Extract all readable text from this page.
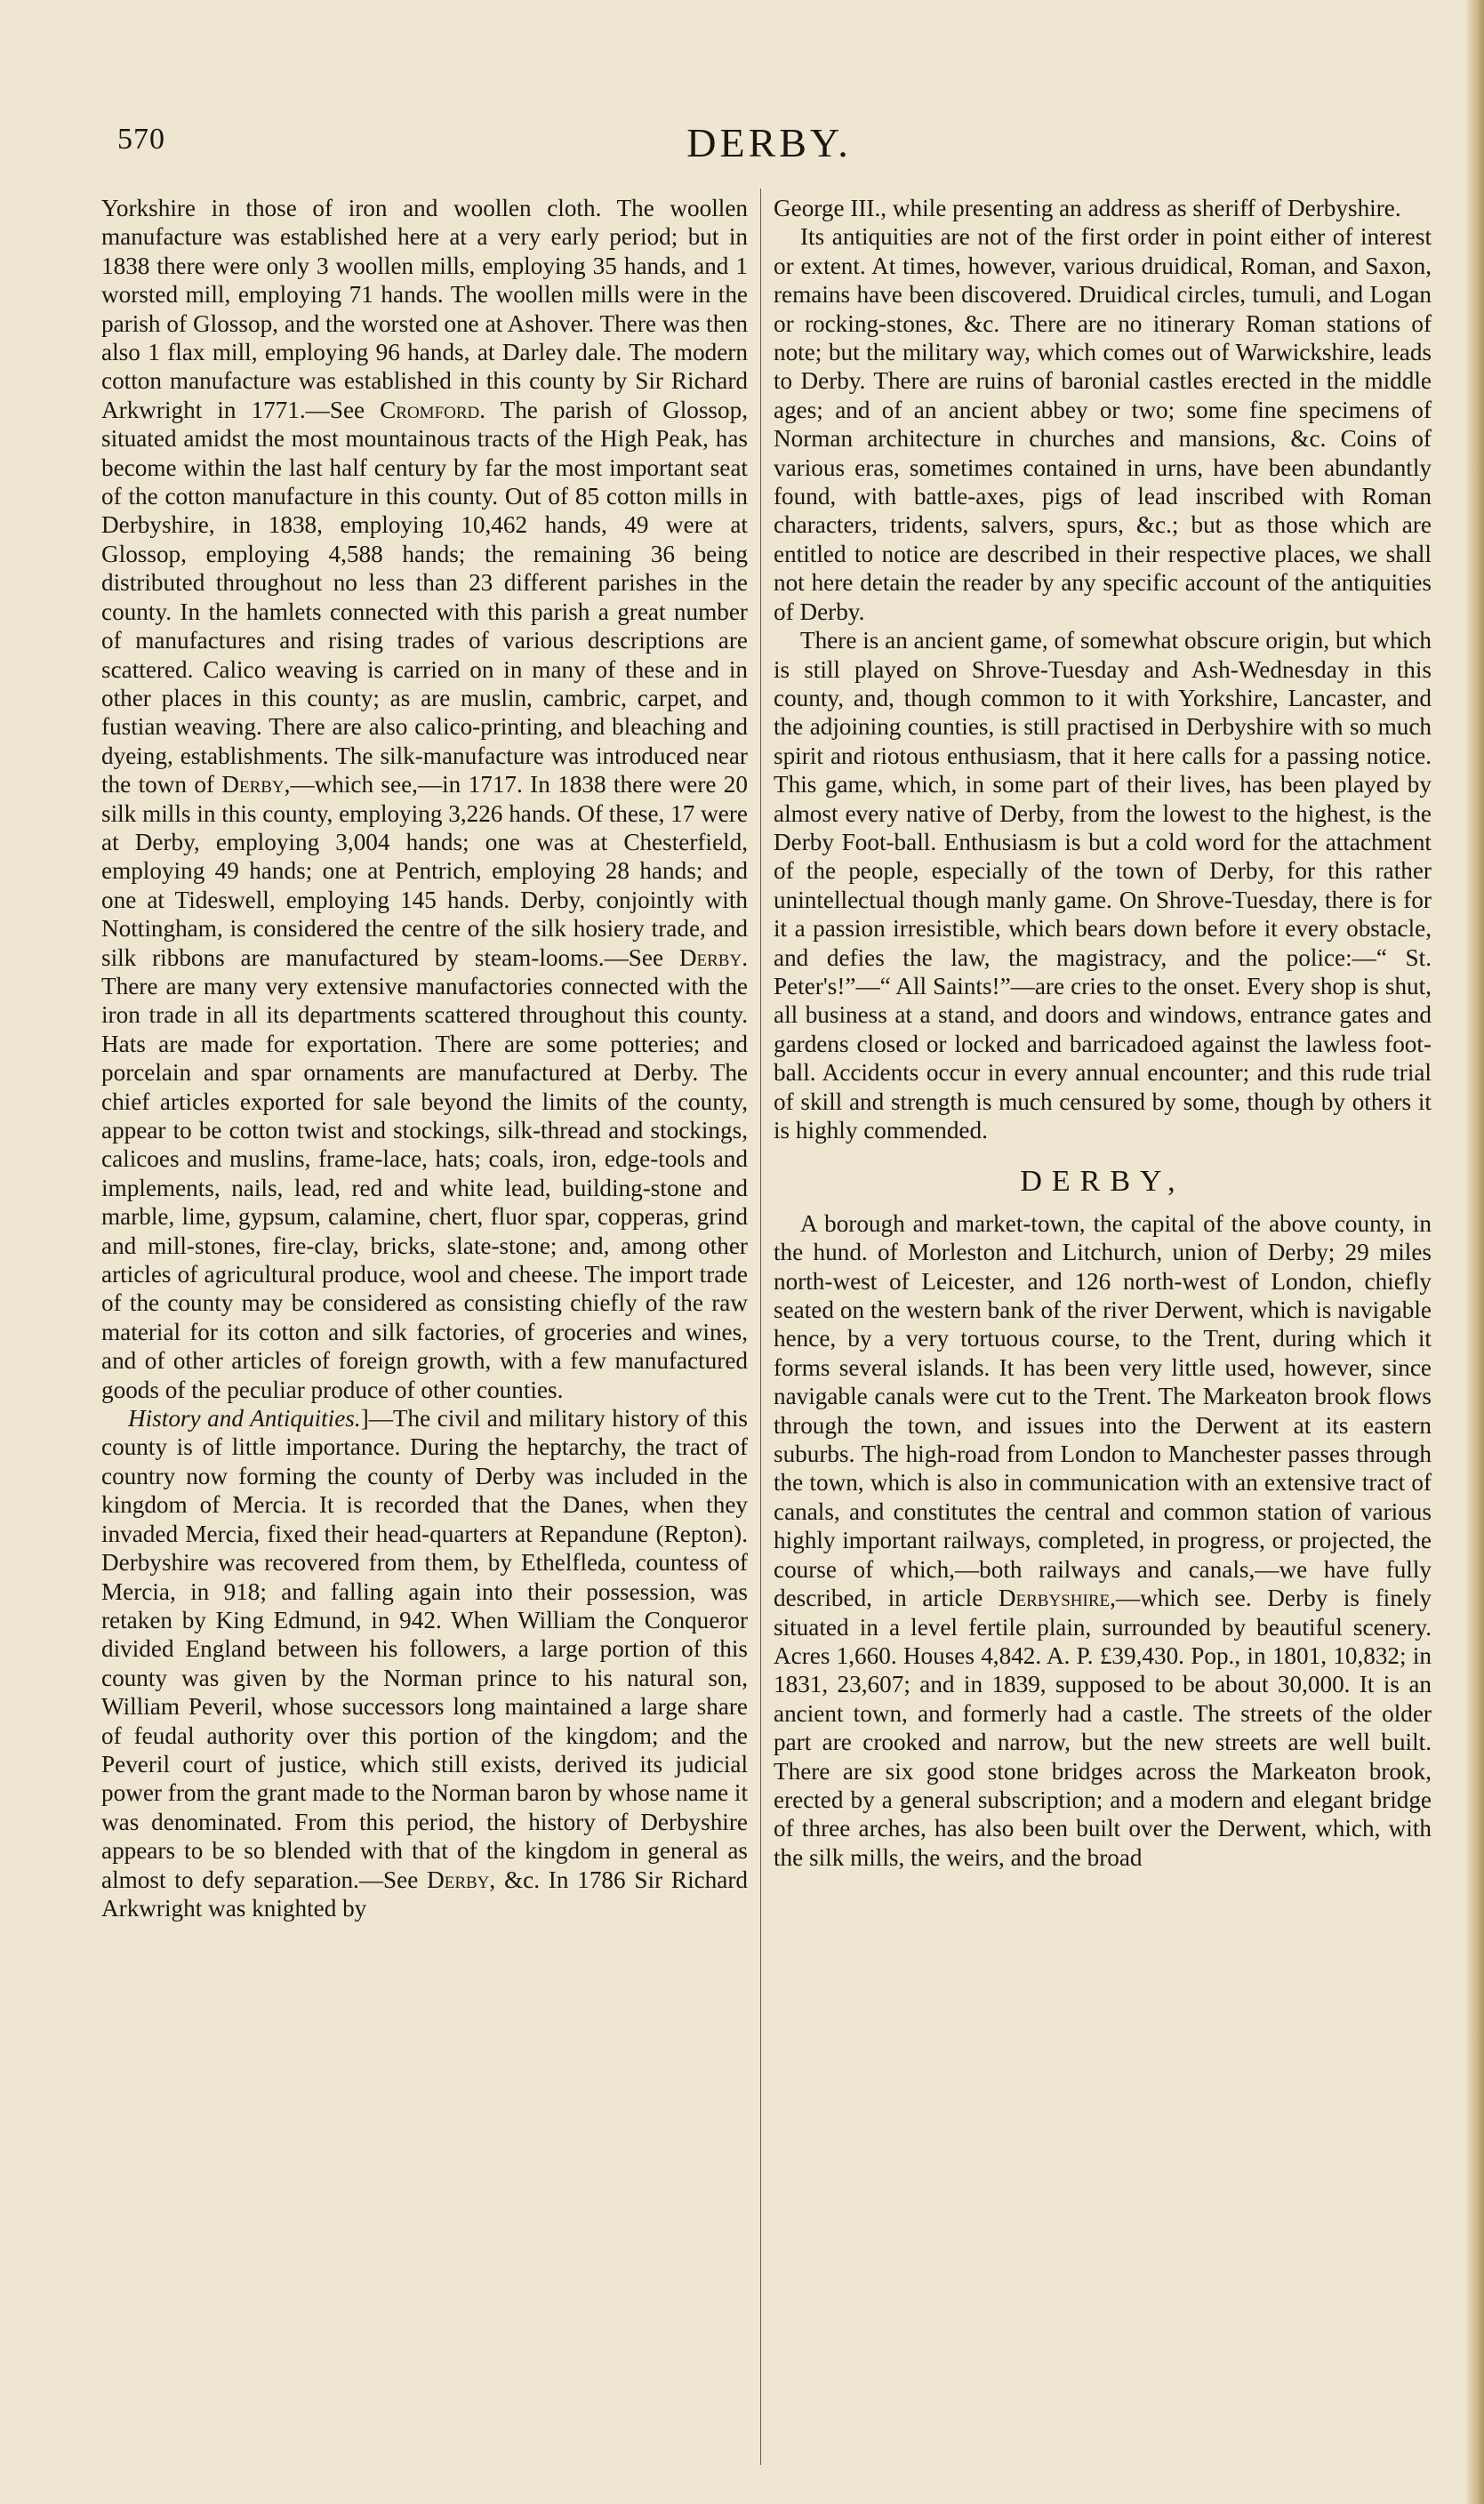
570	DERBY.

Yorkshire in those of iron and woollen cloth. The woollen manufacture was established here at a very early period; but in 1838 there were only 3 woollen mills, employing 35 hands, and 1 worsted mill, employing 71 hands. The woollen mills were in the parish of Glossop, and the worsted one at Ashover. There was then also 1 flax mill, employing 96 hands, at Darley dale. The modern cotton manufacture was established in this county by Sir Richard Arkwright in 1771.—See Cromford. The parish of Glossop, situated amidst the most mountainous tracts of the High Peak, has become within the last half century by far the most important seat of the cotton manufacture in this county. Out of 85 cotton mills in Derbyshire, in 1838, employing 10,462 hands, 49 were at Glossop, employing 4,588 hands; the remaining 36 being distributed throughout no less than 23 different parishes in the county. In the hamlets connected with this parish a great number of manufactures and rising trades of various descriptions are scattered. Calico weaving is carried on in many of these and in other places in this county; as are muslin, cambric, carpet, and fustian weaving. There are also calico-printing, and bleaching and dyeing, establishments. The silk-manufacture was introduced near the town of Derby,—which see,—in 1717. In 1838 there were 20 silk mills in this county, employing 3,226 hands. Of these, 17 were at Derby, employing 3,004 hands; one was at Chesterfield, employing 49 hands; one at Pentrich, employing 28 hands; and one at Tideswell, employing 145 hands. Derby, conjointly with Nottingham, is considered the centre of the silk hosiery trade, and silk ribbons are manufactured by steam-looms.—See Derby. There are many very extensive manufactories connected with the iron trade in all its departments scattered throughout this county. Hats are made for exportation. There are some potteries; and porcelain and spar ornaments are manufactured at Derby. The chief articles exported for sale beyond the limits of the county, appear to be cotton twist and stockings, silk-thread and stockings, calicoes and muslins, frame-lace, hats; coals, iron, edge-tools and implements, nails, lead, red and white lead, building-stone and marble, lime, gypsum, calamine, chert, fluor spar, copperas, grind and mill-stones, fire-clay, bricks, slate-stone; and, among other articles of agricultural produce, wool and cheese. The import trade of the county may be considered as consisting chiefly of the raw material for its cotton and silk factories, of groceries and wines, and of other articles of foreign growth, with a few manufactured goods of the peculiar produce of other counties.

History and Antiquities.]—The civil and military history of this county is of little importance. During the heptarchy, the tract of country now forming the county of Derby was included in the kingdom of Mercia. It is recorded that the Danes, when they invaded Mercia, fixed their head-quarters at Repandune (Repton). Derbyshire was recovered from them, by Ethelfleda, countess of Mercia, in 918; and falling again into their possession, was retaken by King Edmund, in 942. When William the Conqueror divided England between his followers, a large portion of this county was given by the Norman prince to his natural son, William Peveril, whose successors long maintained a large share of feudal authority over this portion of the kingdom; and the Peveril court of justice, which still exists, derived its judicial power from the grant made to the Norman baron by whose name it was denominated. From this period, the history of Derbyshire appears to be so blended with that of the kingdom in general as almost to defy separation.—See Derby, &c. In 1786 Sir Richard Arkwright was knighted by

George III., while presenting an address as sheriff of Derbyshire.

Its antiquities are not of the first order in point either of interest or extent. At times, however, various druidical, Roman, and Saxon, remains have been discovered. Druidical circles, tumuli, and Logan or rocking-stones, &c. There are no itinerary Roman stations of note; but the military way, which comes out of Warwickshire, leads to Derby. There are ruins of baronial castles erected in the middle ages; and of an ancient abbey or two; some fine specimens of Norman architecture in churches and mansions, &c. Coins of various eras, sometimes contained in urns, have been abundantly found, with battle-axes, pigs of lead inscribed with Roman characters, tridents, salvers, spurs, &c.; but as those which are entitled to notice are described in their respective places, we shall not here detain the reader by any specific account of the antiquities of Derby.

There is an ancient game, of somewhat obscure origin, but which is still played on Shrove-Tuesday and Ash-Wednesday in this county, and, though common to it with Yorkshire, Lancaster, and the adjoining counties, is still practised in Derbyshire with so much spirit and riotous enthusiasm, that it here calls for a passing notice. This game, which, in some part of their lives, has been played by almost every native of Derby, from the lowest to the highest, is the Derby Foot-ball. Enthusiasm is but a cold word for the attachment of the people, especially of the town of Derby, for this rather unintellectual though manly game. On Shrove-Tuesday, there is for it a passion irresistible, which bears down before it every obstacle, and defies the law, the magistracy, and the police:—“ St. Peter's!”—“ All Saints!”—are cries to the onset. Every shop is shut, all business at a stand, and doors and windows, entrance gates and gardens closed or locked and barricadoed against the lawless foot-ball. Accidents occur in every annual encounter; and this rude trial of skill and strength is much censured by some, though by others it is highly commended.

DERBY,

A borough and market-town, the capital of the above county, in the hund. of Morleston and Litchurch, union of Derby; 29 miles north-west of Leicester, and 126 north-west of London, chiefly seated on the western bank of the river Derwent, which is navigable hence, by a very tortuous course, to the Trent, during which it forms several islands. It has been very little used, however, since navigable canals were cut to the Trent. The Markeaton brook flows through the town, and issues into the Derwent at its eastern suburbs. The high-road from London to Manchester passes through the town, which is also in communication with an extensive tract of canals, and constitutes the central and common station of various highly important railways, completed, in progress, or projected, the course of which,—both railways and canals,—we have fully described, in article Derbyshire,—which see. Derby is finely situated in a level fertile plain, surrounded by beautiful scenery. Acres 1,660. Houses 4,842. A. P. £39,430. Pop., in 1801, 10,832; in 1831, 23,607; and in 1839, supposed to be about 30,000. It is an ancient town, and formerly had a castle. The streets of the older part are crooked and narrow, but the new streets are well built. There are six good stone bridges across the Markeaton brook, erected by a general subscription; and a modern and elegant bridge of three arches, has also been built over the Derwent, which, with the silk mills, the weirs, and the broad
